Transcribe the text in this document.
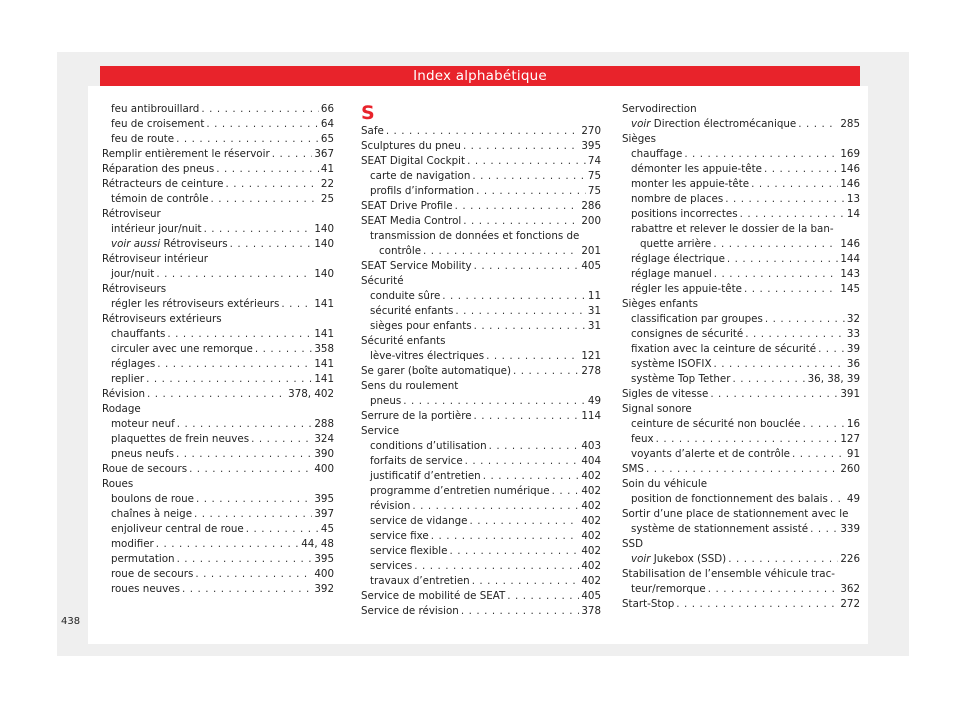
Index alphabétique
feu antibrouillard . . .	66
feu de croisement . . .	64
feu de route . . .	65
Remplir entièrement le réservoir . . .	367
Réparation des pneus . . .	41
Rétracteurs de ceinture . . .	22
témoin de contrôle . . .	25
Rétroviseur
intérieur jour/nuit . . .	140
voir aussi Rétroviseurs . . .	140
Rétroviseur intérieur
jour/nuit . . .	140
Rétroviseurs
régler les rétroviseurs extérieurs . . .	141
Rétroviseurs extérieurs
chauffants . . .	141
circuler avec une remorque . . .	358
réglages . . .	141
replier . . .	141
Révision . . .	378, 402
Rodage
moteur neuf . . .	288
plaquettes de frein neuves . . .	324
pneus neufs . . .	390
Roue de secours . . .	400
Roues
boulons de roue . . .	395
chaînes à neige . . .	397
enjoliveur central de roue . . .	45
modifier . . .	44, 48
permutation . . .	395
roue de secours . . .	400
roues neuves . . .	392
S
Safe . . .	270
Sculptures du pneu . . .	395
SEAT Digital Cockpit . . .	74
carte de navigation . . .	75
profils d’information . . .	75
SEAT Drive Profile . . .	286
SEAT Media Control . . .	200
transmission de données et fonctions de
contrôle . . .	201
SEAT Service Mobility . . .	405
Sécurité
conduite sûre . . .	11
sécurité enfants . . .	31
sièges pour enfants . . .	31
Sécurité enfants
lève-vitres électriques . . .	121
Se garer (boîte automatique) . . .	278
Sens du roulement
pneus . . .	49
Serrure de la portière . . .	114
Service
conditions d’utilisation . . .	403
forfaits de service . . .	404
justificatif d’entretien . . .	402
programme d’entretien numérique . . .	402
révision . . .	402
service de vidange . . .	402
service fixe . . .	402
service flexible . . .	402
services . . .	402
travaux d’entretien . . .	402
Service de mobilité de SEAT . . .	405
Service de révision . . .	378
Servodirection
voir Direction électromécanique . . .	285
Sièges
chauffage . . .	169
démonter les appuie-tête . . .	146
monter les appuie-tête . . .	146
nombre de places . . .	13
positions incorrectes . . .	14
rabattre et relever le dossier de la ban-
quette arrière . . .	146
réglage électrique . . .	144
réglage manuel . . .	143
régler les appuie-tête . . .	145
Sièges enfants
classification par groupes . . .	32
consignes de sécurité . . .	33
fixation avec la ceinture de sécurité . . .	39
système ISOFIX . . .	36
système Top Tether . . .	36, 38, 39
Sigles de vitesse . . .	391
Signal sonore
ceinture de sécurité non bouclée . . .	16
feux . . .	127
voyants d’alerte et de contrôle . . .	91
SMS . . .	260
Soin du véhicule
position de fonctionnement des balais . . . 49
Sortir d’une place de stationnement avec le
système de stationnement assisté . . .	339
SSD
voir Jukebox (SSD) . . .	226
Stabilisation de l’ensemble véhicule trac-
teur/remorque . . .	362
Start-Stop . . .	272
438
